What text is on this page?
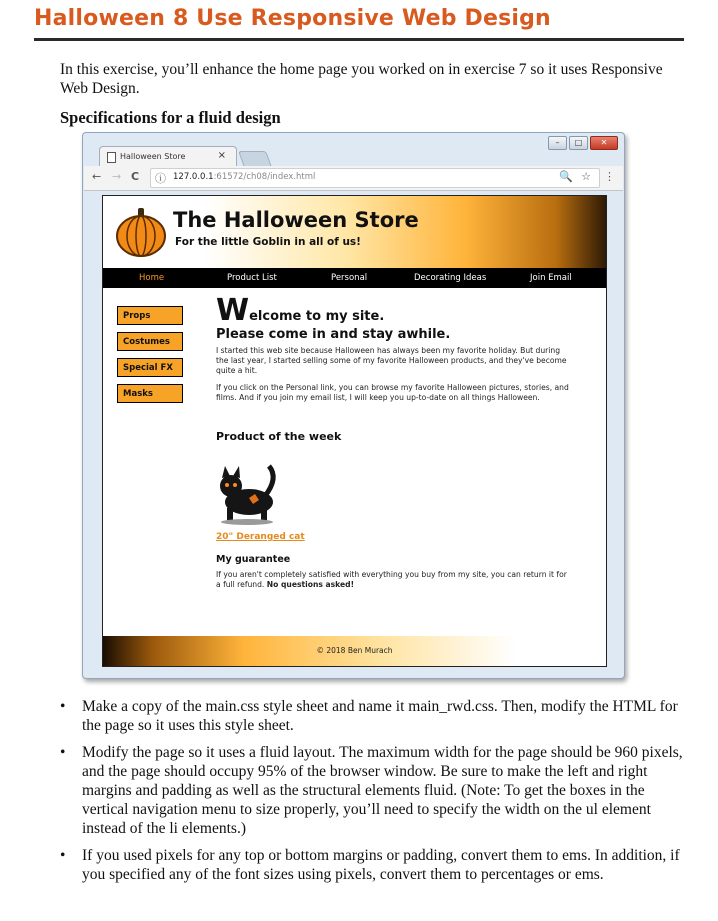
Halloween 8 Use Responsive Web Design
In this exercise, you’ll enhance the home page you worked on in exercise 7 so it uses Responsive Web Design.
Specifications for a fluid design
–	□	✕
Halloween Store	×
← → C ⓘ 127.0.0.1:61572/ch08/index.html	🔍 ☆ ⋮
The Halloween Store
For the little Goblin in all of us!
Home	Product List	Personal	Decorating Ideas	Join Email
Props
Costumes
Special FX
Masks
Welcome to my site.
Please come in and stay awhile.
I started this web site because Halloween has always been my favorite holiday. But during the last year, I started selling some of my favorite Halloween products, and they've become quite a hit.
If you click on the Personal link, you can browse my favorite Halloween pictures, stories, and films. And if you join my email list, I will keep you up-to-date on all things Halloween.
Product of the week
20" Deranged cat
My guarantee
If you aren't completely satisfied with everything you buy from my site, you can return it for a full refund. No questions asked!
© 2018 Ben Murach
• Make a copy of the main.css style sheet and name it main_rwd.css. Then, modify the HTML for the page so it uses this style sheet.
• Modify the page so it uses a fluid layout. The maximum width for the page should be 960 pixels, and the page should occupy 95% of the browser window. Be sure to make the left and right margins and padding as well as the structural elements fluid. (Note: To get the boxes in the vertical navigation menu to size properly, you’ll need to specify the width on the ul element instead of the li elements.)
• If you used pixels for any top or bottom margins or padding, convert them to ems. In addition, if you specified any of the font sizes using pixels, convert them to percentages or ems.
